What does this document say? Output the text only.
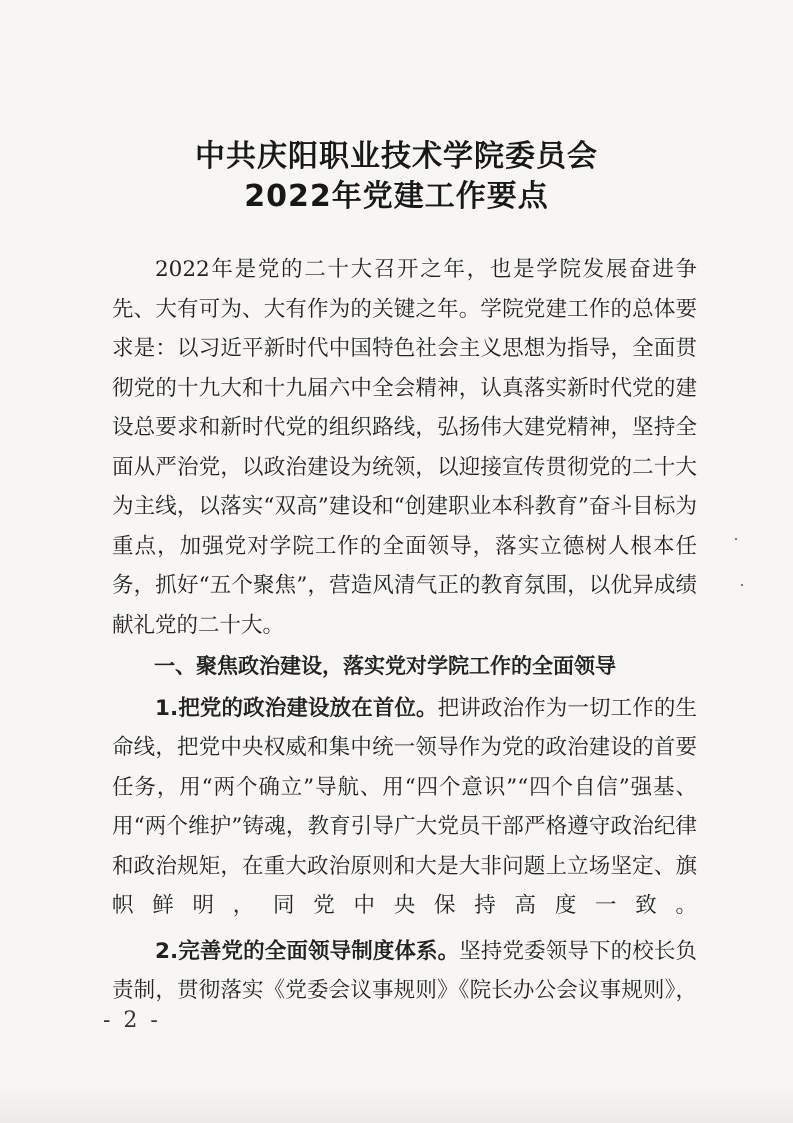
中共庆阳职业技术学院委员会
2022年党建工作要点

2022年是党的二十大召开之年，也是学院发展奋进争先、大有可为、大有作为的关键之年。学院党建工作的总体要求是：以习近平新时代中国特色社会主义思想为指导，全面贯彻党的十九大和十九届六中全会精神，认真落实新时代党的建设总要求和新时代党的组织路线，弘扬伟大建党精神，坚持全面从严治党，以政治建设为统领，以迎接宣传贯彻党的二十大为主线，以落实“双高”建设和“创建职业本科教育”奋斗目标为重点，加强党对学院工作的全面领导，落实立德树人根本任务，抓好“五个聚焦”，营造风清气正的教育氛围，以优异成绩献礼党的二十大。

一、聚焦政治建设，落实党对学院工作的全面领导

1.把党的政治建设放在首位。把讲政治作为一切工作的生命线，把党中央权威和集中统一领导作为党的政治建设的首要任务，用“两个确立”导航、用“四个意识”“四个自信”强基、用“两个维护”铸魂，教育引导广大党员干部严格遵守政治纪律和政治规矩，在重大政治原则和大是大非问题上立场坚定、旗帜鲜明，同党中央保持高度一致。

2.完善党的全面领导制度体系。坚持党委领导下的校长负责制，贯彻落实《党委会议事规则》《院长办公会议事规则》，

- 2 -
